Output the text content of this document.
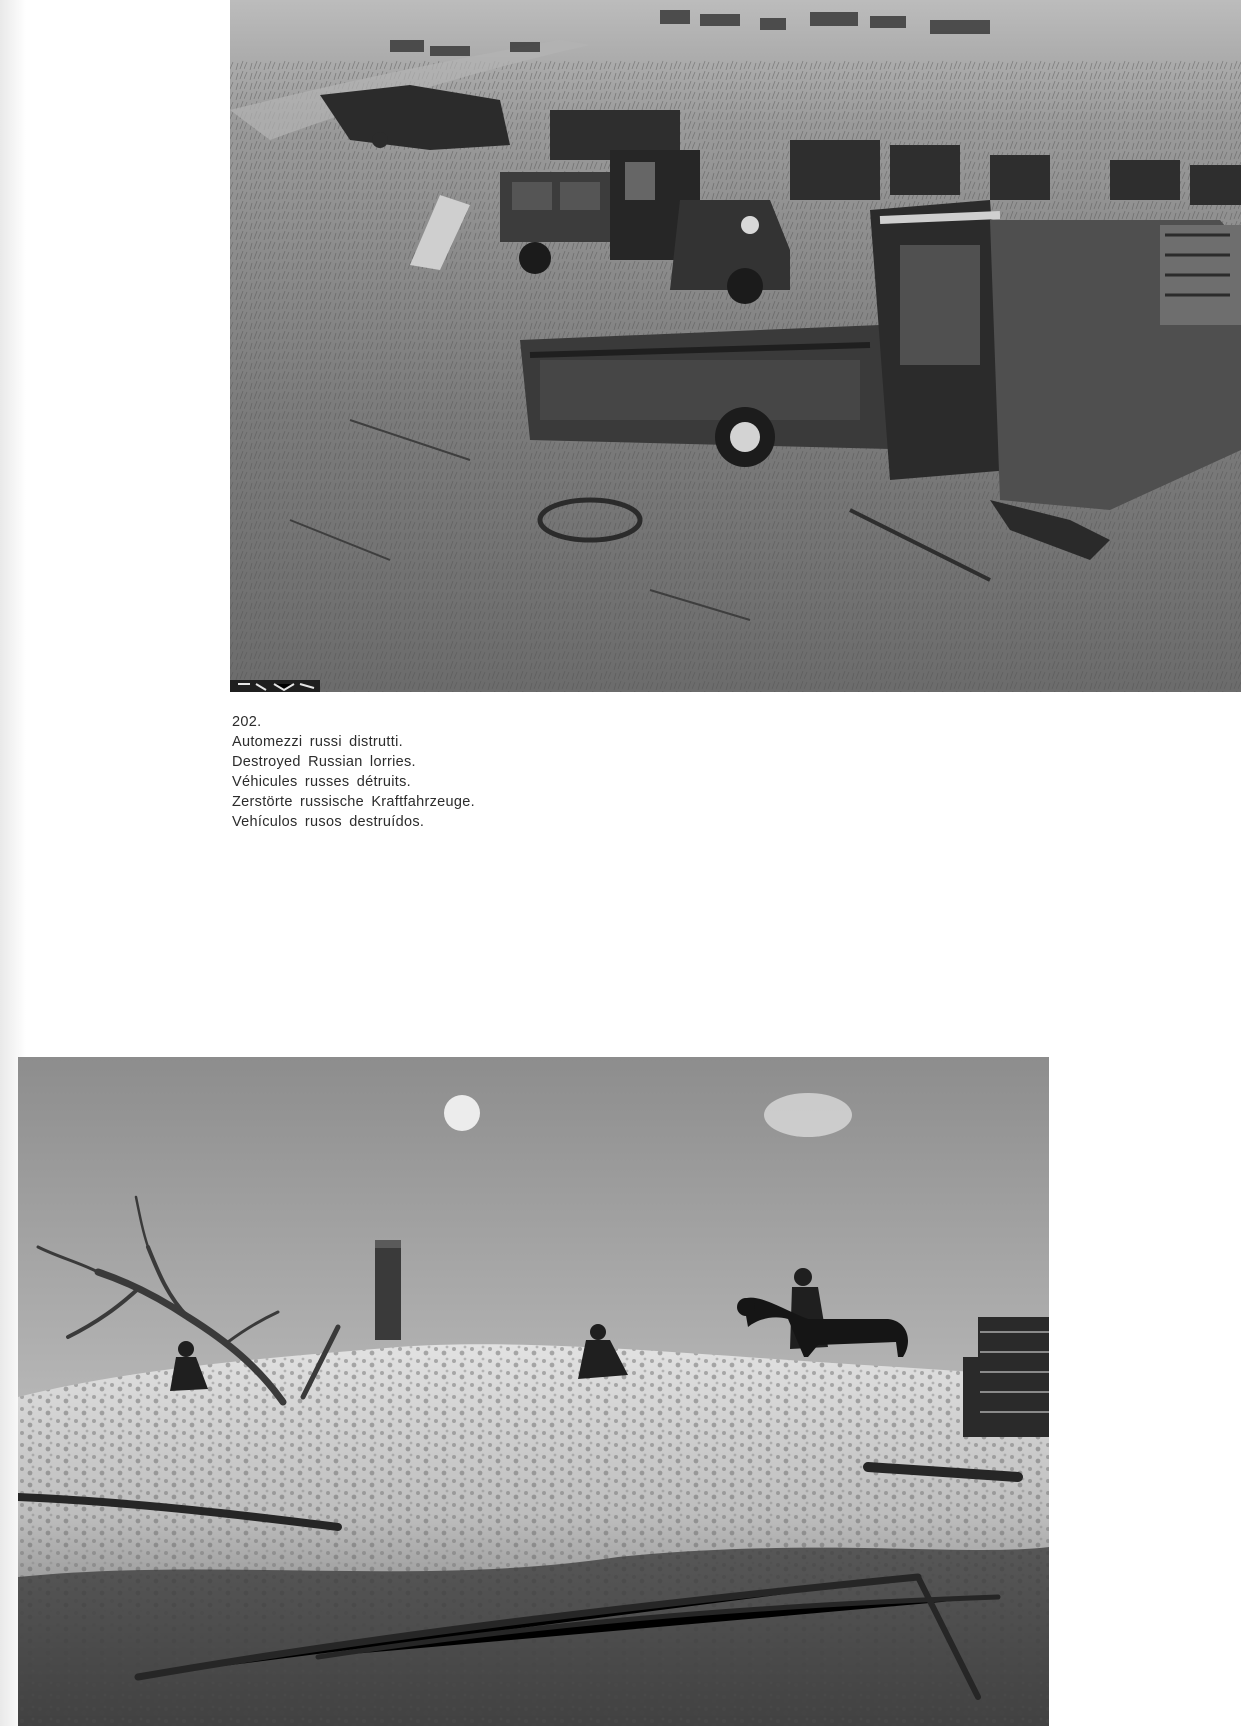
202.
Automezzi russi distrutti.
Destroyed Russian lorries.
Véhicules russes détruits.
Zerstörte russische Kraftfahrzeuge.
Vehículos rusos destruídos.
